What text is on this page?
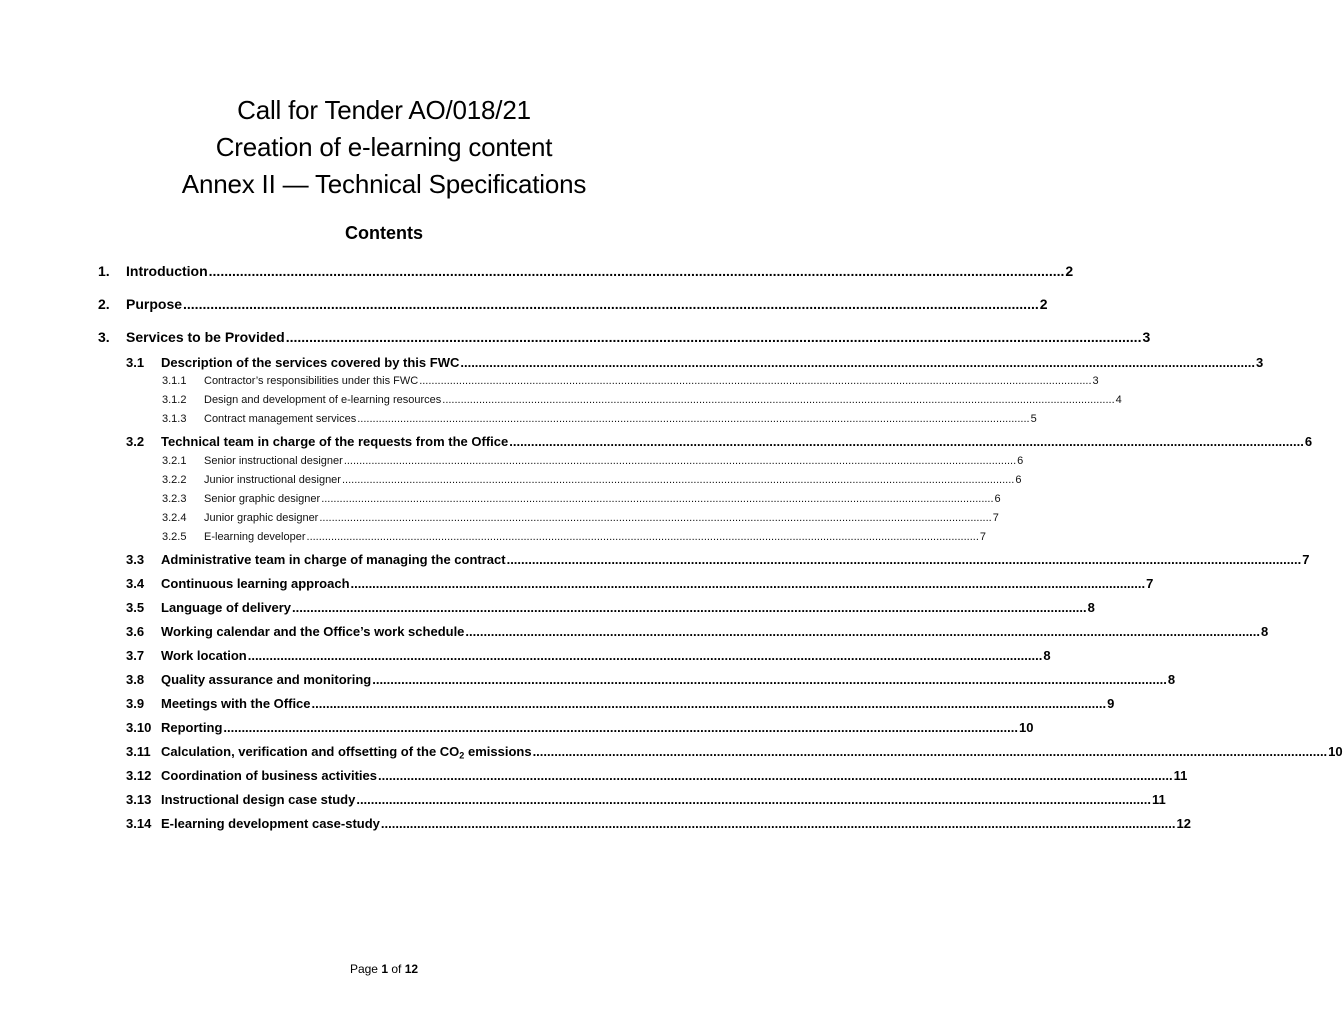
Call for Tender AO/018/21
Creation of e-learning content
Annex II — Technical Specifications
Contents
1.	Introduction ............................................................................................................................................................................................................................ 2
2.	Purpose ............................................................................................................................................................................................................................ 2
3.	Services to be Provided ............................................................................................................................................................................................................................ 3
3.1	Description of the services covered by this FWC ............................................................................................................................................................................................................................ 3
3.1.1	Contractor’s responsibilities under this FWC ............................................................................................................................................................................................................................ 3
3.1.2	Design and development of e-learning resources ............................................................................................................................................................................................................................ 4
3.1.3	Contract management services ............................................................................................................................................................................................................................ 5
3.2	Technical team in charge of the requests from the Office ............................................................................................................................................................................................................................ 6
3.2.1	Senior instructional designer ............................................................................................................................................................................................................................ 6
3.2.2	Junior instructional designer ............................................................................................................................................................................................................................ 6
3.2.3	Senior graphic designer ............................................................................................................................................................................................................................ 6
3.2.4	Junior graphic designer ............................................................................................................................................................................................................................ 7
3.2.5	E-learning developer ............................................................................................................................................................................................................................ 7
3.3	Administrative team in charge of managing the contract ............................................................................................................................................................................................................................ 7
3.4	Continuous learning approach ............................................................................................................................................................................................................................ 7
3.5	Language of delivery ............................................................................................................................................................................................................................ 8
3.6	Working calendar and the Office’s work schedule ............................................................................................................................................................................................................................ 8
3.7	Work location ............................................................................................................................................................................................................................ 8
3.8	Quality assurance and monitoring ............................................................................................................................................................................................................................ 8
3.9	Meetings with the Office ............................................................................................................................................................................................................................ 9
3.10 Reporting ............................................................................................................................................................................................................................ 10
3.11 Calculation, verification and offsetting of the $CO_2$ emissions ............................................................................................................................................................................................................................ 10
3.12 Coordination of business activities ............................................................................................................................................................................................................................ 11
3.13 Instructional design case study ............................................................................................................................................................................................................................ 11
3.14 E-learning development case-study ............................................................................................................................................................................................................................ 12
Page 1 of 12
